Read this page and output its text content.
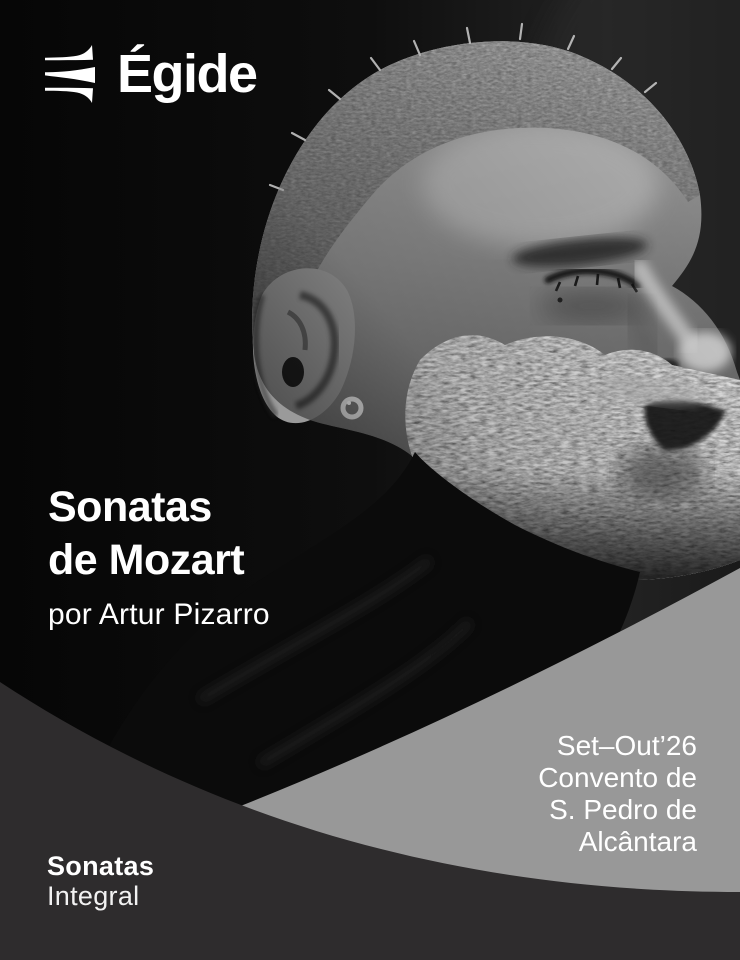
Égide
Sonatas
de Mozart
por Artur Pizarro
Set–Out’26
Convento de
S. Pedro de
Alcântara
Sonatas
Integral
